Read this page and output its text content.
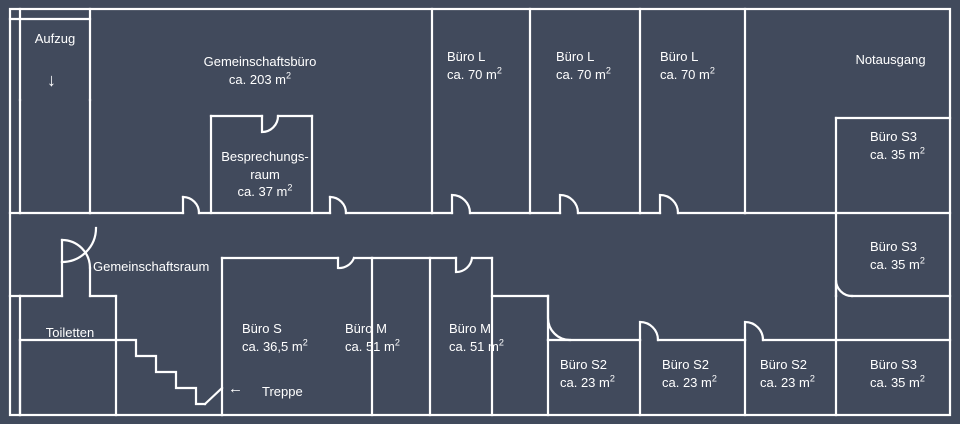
↓
←
Aufzug
Gemeinschaftsbüro
ca. 203 $m^2$
Besprechungs-
raum
ca. 37 $m^2$
Büro L
ca. 70 $m^2$
Büro L
ca. 70 $m^2$
Büro L
ca. 70 $m^2$
Notausgang
Büro S3
ca. 35 $m^2$
Büro S3
ca. 35 $m^2$
Gemeinschaftsraum
Toiletten	Büro S
ca. 36,5 $m^2$
Büro M
ca. 51 $m^2$
Büro M
ca. 51 $m^2$
Büro S2
ca. 23 $m^2$
Büro S2
ca. 23 $m^2$
Büro S2
ca. 23 $m^2$
Büro S3
ca. 35 $m^2$
Treppe
